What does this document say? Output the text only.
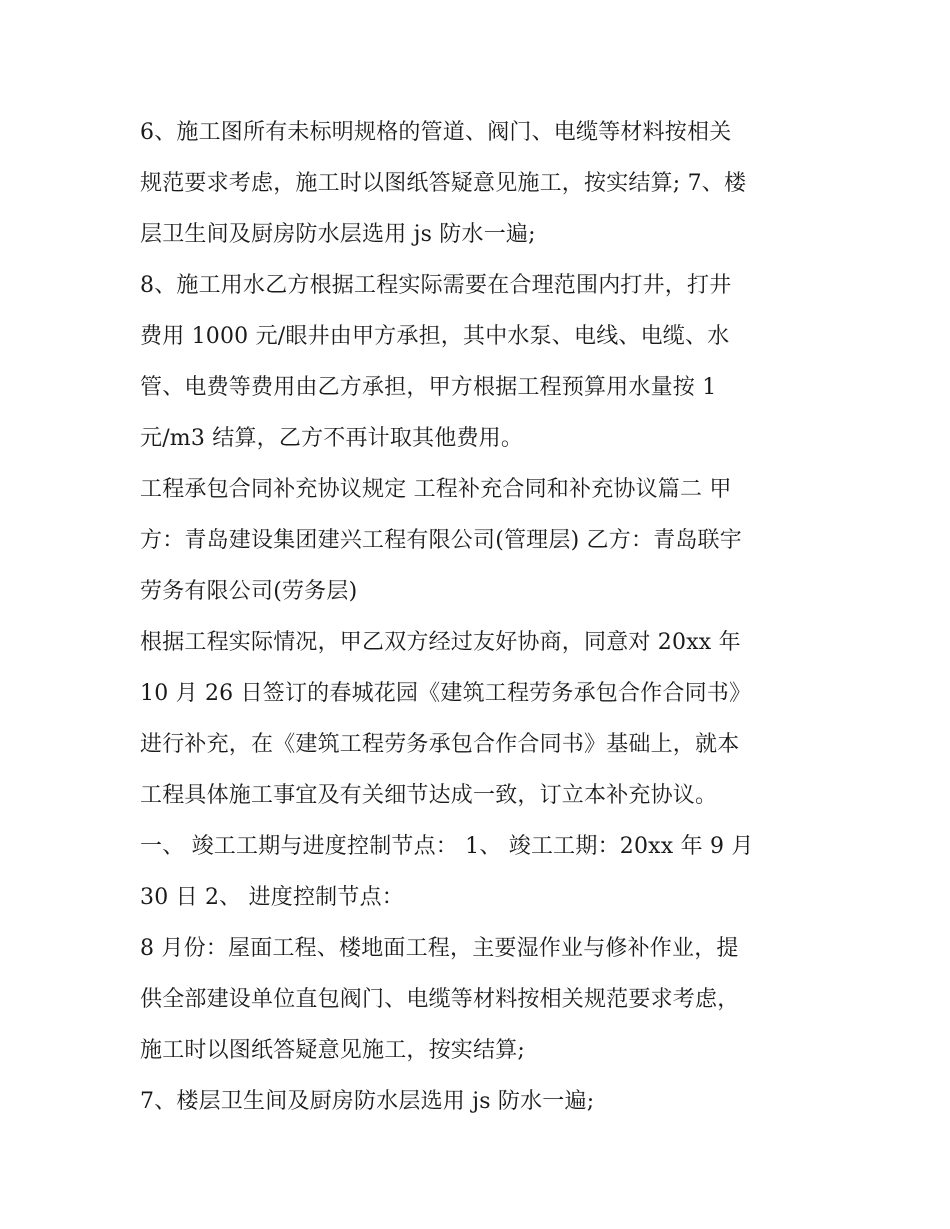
6、施工图所有未标明规格的管道、阀门、电缆等材料按相关
规范要求考虑，施工时以图纸答疑意见施工，按实结算; 7、楼
层卫生间及厨房防水层选用 js 防水一遍;
8、施工用水乙方根据工程实际需要在合理范围内打井，打井
费用 1000 元/眼井由甲方承担，其中水泵、电线、电缆、水
管、电费等费用由乙方承担，甲方根据工程预算用水量按 1
元/m3 结算，乙方不再计取其他费用。
工程承包合同补充协议规定 工程补充合同和补充协议篇二 甲
方：青岛建设集团建兴工程有限公司(管理层) 乙方：青岛联宇
劳务有限公司(劳务层)
根据工程实际情况，甲乙双方经过友好协商，同意对 20xx 年
10 月 26 日签订的春城花园《建筑工程劳务承包合作合同书》
进行补充，在《建筑工程劳务承包合作合同书》基础上，就本
工程具体施工事宜及有关细节达成一致，订立本补充协议。
一、 竣工工期与进度控制节点： 1、 竣工工期：20xx 年 9 月
30 日 2、 进度控制节点：
8 月份：屋面工程、楼地面工程，主要湿作业与修补作业，提
供全部建设单位直包阀门、电缆等材料按相关规范要求考虑，
施工时以图纸答疑意见施工，按实结算;
7、楼层卫生间及厨房防水层选用 js 防水一遍;
